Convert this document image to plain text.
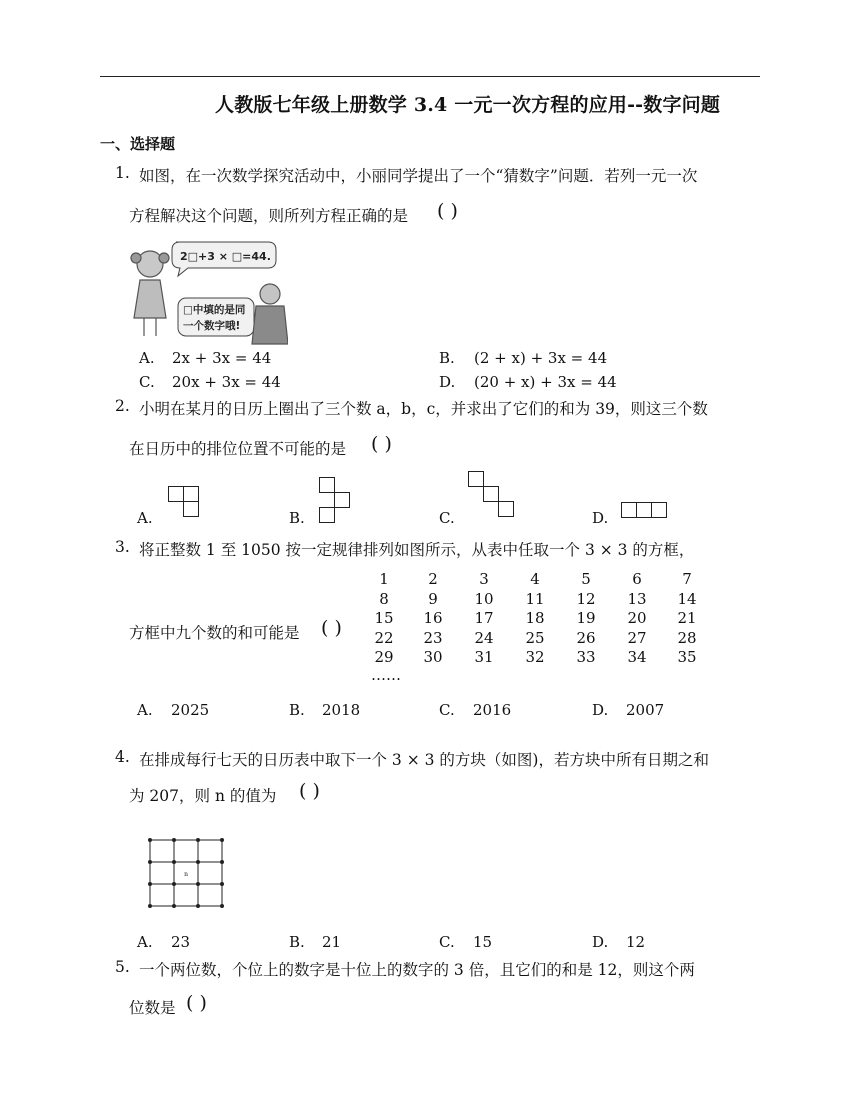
人教版七年级上册数学 3.4 一元一次方程的应用--数字问题
一、选择题
1. 如图，在一次数学探究活动中，小丽同学提出了一个“猜数字”问题．若列一元一次
方程解决这个问题，则所列方程正确的是 ( )
2□+3 × □=44.
□中填的是同
一个数字哦!
A. 2x + 3x = 44	B. (2 + x) + 3x = 44
C. 20x + 3x = 44	D. (20 + x) + 3x = 44
2. 小明在某月的日历上圈出了三个数 a，b，c，并求出了它们的和为 39，则这三个数
在日历中的排位位置不可能的是 ( )
A.	B.	C.	D.
3. 将正整数 1 至 1050 按一定规律排列如图所示，从表中任取一个 3 × 3 的方框，
方框中九个数的和可能是 ( )
1	2	3	4	5	6	7
8	9 10 11 12 13 14
15 16 17 18 19 20 21
22 23 24 25 26 27 28
29 30 31 32 33 34 35
……
A. 2025	B. 2018	C. 2016	D. 2007
4. 在排成每行七天的日历表中取下一个 3 × 3 的方块（如图)，若方块中所有日期之和
为 207，则 n 的值为 ( )
n
A. 23	B. 21	C. 15	D. 12
5. 一个两位数，个位上的数字是十位上的数字的 3 倍，且它们的和是 12，则这个两
位数是 ( )
